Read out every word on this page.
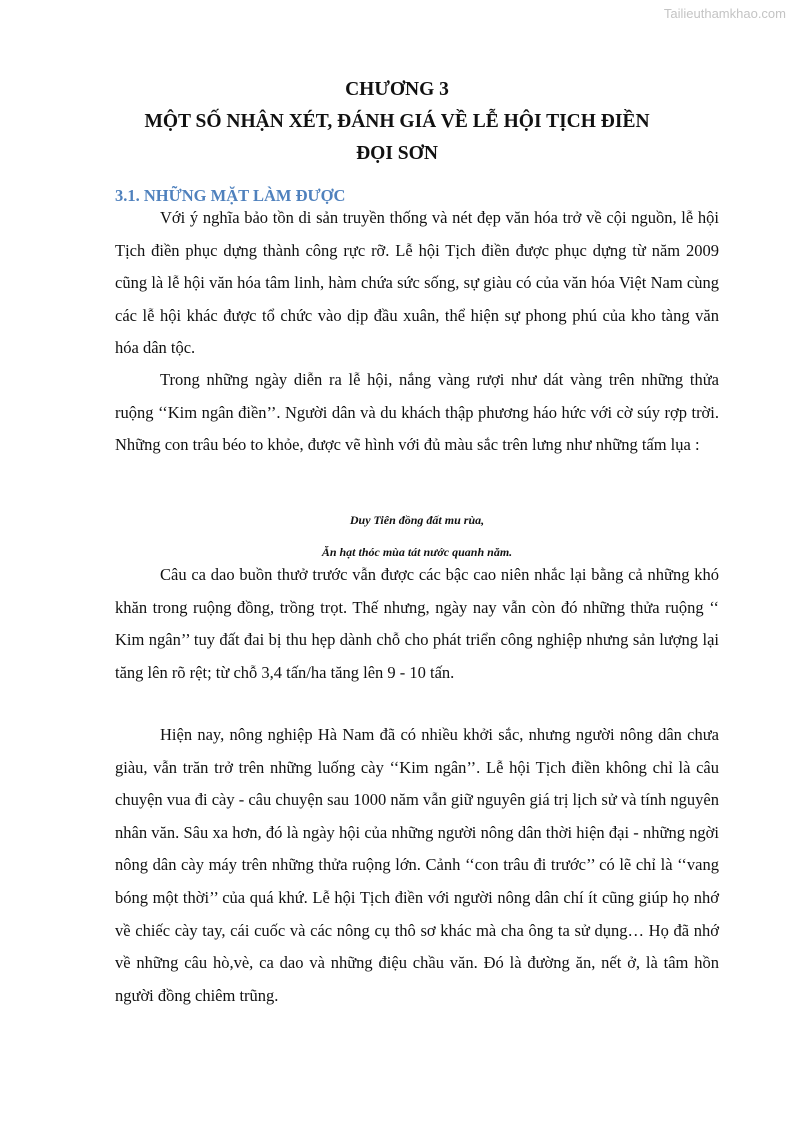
Tailieuthamkhao.com
CHƯƠNG 3
MỘT SỐ NHẬN XÉT, ĐÁNH GIÁ VỀ LỄ HỘI TỊCH ĐIỀN
ĐỌI SƠN
3.1. NHỮNG MẶT LÀM ĐƯỢC
Với ý nghĩa bảo tồn di sản truyền thống và nét đẹp văn hóa trở về cội nguồn, lễ hội Tịch điền phục dựng thành công rực rỡ. Lễ hội Tịch điền được phục dựng từ năm 2009 cũng là lễ hội văn hóa tâm linh, hàm chứa sức sống, sự giàu có của văn hóa Việt Nam cùng các lễ hội khác được tổ chức vào dịp đầu xuân, thể hiện sự phong phú của kho tàng văn hóa dân tộc.
Trong những ngày diễn ra lễ hội, nắng vàng rượi như dát vàng trên những thửa ruộng ‘‘Kim ngân điền’’. Người dân và du khách thập phương háo hức với cờ súy rợp trời. Những con trâu béo to khỏe, được vẽ hình với đủ màu sắc trên lưng như những tấm lụa :
Duy Tiên đồng đất mu rùa,
Ăn hạt thóc mùa tát nước quanh năm.
Câu ca dao buồn thưở trước vẫn được các bậc cao niên nhắc lại bằng cả những khó khăn trong ruộng đồng, trồng trọt. Thế nhưng, ngày nay vẫn còn đó những thửa ruộng ‘‘ Kim ngân’’ tuy đất đai bị thu hẹp dành chỗ cho phát triển công nghiệp nhưng sản lượng lại tăng lên rõ rệt; từ chỗ 3,4 tấn/ha tăng lên 9 - 10 tấn.
Hiện nay, nông nghiệp Hà Nam đã có nhiều khởi sắc, nhưng người nông dân chưa giàu, vẫn trăn trở trên những luống cày ‘‘Kim ngân’’. Lễ hội Tịch điền không chỉ là câu chuyện vua đi cày - câu chuyện sau 1000 năm vẫn giữ nguyên giá trị lịch sử và tính nguyên nhân văn. Sâu xa hơn, đó là ngày hội của những người nông dân thời hiện đại - những ngời nông dân cày máy trên những thửa ruộng lớn. Cảnh ‘‘con trâu đi trước’’ có lẽ chỉ là ‘‘vang bóng một thời’’ của quá khứ. Lễ hội Tịch điền với người nông dân chí ít cũng giúp họ nhớ về chiếc cày tay, cái cuốc và các nông cụ thô sơ khác mà cha ông ta sử dụng… Họ đã nhớ về những câu hò,vè, ca dao và những điệu chầu văn. Đó là đường ăn, nết ở, là tâm hồn người đồng chiêm trũng.
